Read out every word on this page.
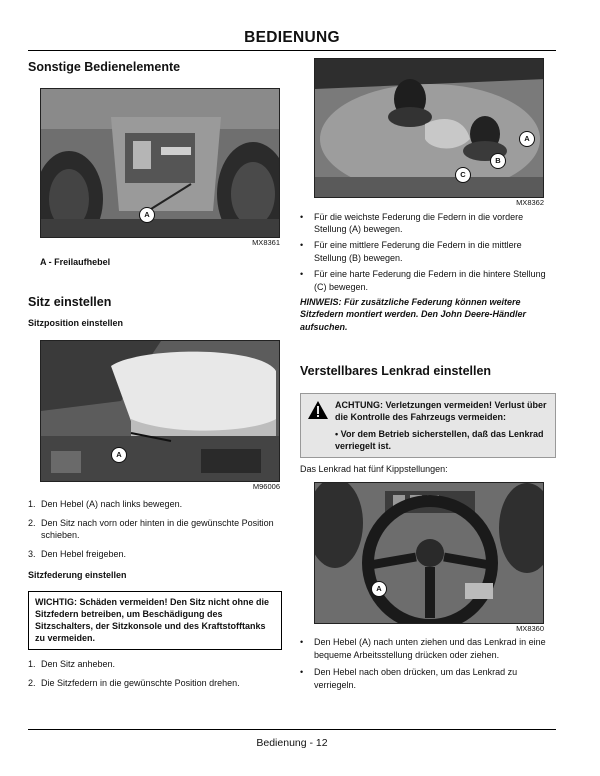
BEDIENUNG
Sonstige Bedienelemente
A
MX8361

A - Freilaufhebel

Sitz einstellen
Sitzposition einstellen
A
M96006
1. Den Hebel (A) nach links bewegen.
2. Den Sitz nach vorn oder hinten in die gewünschte Position schieben.
3. Den Hebel freigeben.
Sitzfederung einstellen

WICHTIG: Schäden vermeiden! Den Sitz nicht ohne die Sitzfedern betreiben, um Beschädigung des Sitzschalters, der Sitzkonsole und des Kraftstofftanks zu vermeiden.

1. Den Sitz anheben.
2. Die Sitzfedern in die gewünschte Position drehen.
A
B
C
MX8362
•	Für die weichste Federung die Federn in die vordere Stellung (A) bewegen.
•	Für eine mittlere Federung die Federn in die mittlere Stellung (B) bewegen.
•	Für eine harte Federung die Federn in die hintere Stellung (C) bewegen.

HINWEIS: Für zusätzliche Federung können weitere Sitzfedern montiert werden. Den John Deere-Händler aufsuchen.

Verstellbares Lenkrad einstellen

ACHTUNG: Verletzungen vermeiden! Verlust über die Kontrolle des Fahrzeugs vermeiden:

• Vor dem Betrieb sicherstellen, daß das Lenkrad verriegelt ist.

Das Lenkrad hat fünf Kippstellungen:

A
MX8360
•	Den Hebel (A) nach unten ziehen und das Lenkrad in eine bequeme Arbeitsstellung drücken oder ziehen.
•	Den Hebel nach oben drücken, um das Lenkrad zu verriegeln.
Bedienung - 12
